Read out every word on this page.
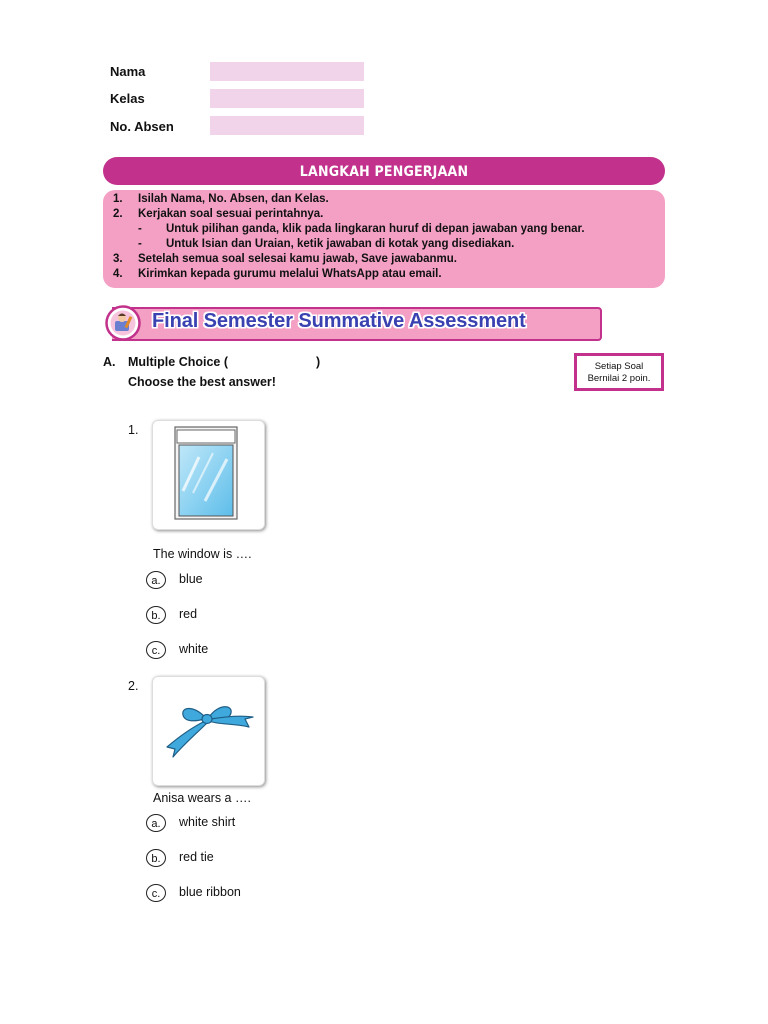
Nama
Kelas
No. Absen
LANGKAH PENGERJAAN
1.	Isilah Nama, No. Absen, dan Kelas.
2.	Kerjakan soal sesuai perintahnya.
- Untuk pilihan ganda, klik pada lingkaran huruf di depan jawaban yang benar.
- Untuk Isian dan Uraian, ketik jawaban di kotak yang disediakan.
3.	Setelah semua soal selesai kamu jawab, Save jawabanmu.
4.	Kirimkan kepada gurumu melalui WhatsApp atau email.
Final Semester Summative Assessment
A. Multiple Choice (	)
Choose the best answer!
Setiap Soal
Bernilai 2 poin.
1.
The window is ….
a.	blue
b.	red
c.	white
2.
Anisa wears a ….
a.	white shirt
b.	red tie
c.	blue ribbon
